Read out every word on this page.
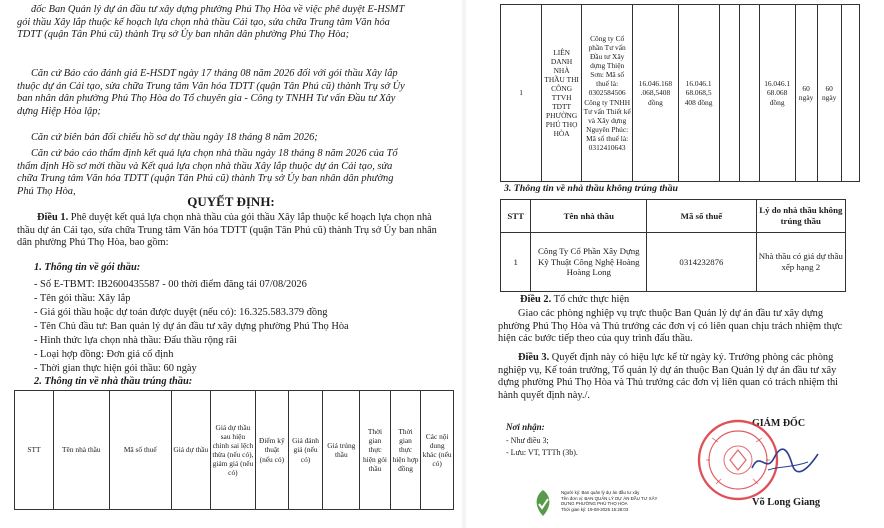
đốc Ban Quản lý dự án đầu tư xây dựng phường Phú Thọ Hòa về việc phê duyệt E-HSMT gói thầu Xây lắp thuộc kế hoạch lựa chọn nhà thầu Cải tạo, sửa chữa Trung tâm Văn hóa TDTT (quận Tân Phú cũ) thành Trụ sở Ủy ban nhân dân phường Phú Thọ Hòa;

Căn cứ Báo cáo đánh giá E-HSDT ngày 17 tháng 08 năm 2026 đối với gói thầu Xây lắp thuộc dự án Cải tạo, sửa chữa Trung tâm Văn hóa TDTT (quận Tân Phú cũ) thành Trụ sở Ủy ban nhân dân phường Phú Thọ Hòa do Tổ chuyên gia - Công ty TNHH Tư vấn Đầu tư Xây dựng Hiệp Hòa lập;

Căn cứ biên bản đối chiếu hồ sơ dự thầu ngày 18 tháng 8 năm 2026;

Căn cứ báo cáo thẩm định kết quả lựa chọn nhà thầu ngày 18 tháng 8 năm 2026 của Tổ thẩm định Hồ sơ mời thầu và Kết quả lựa chọn nhà thầu Xây lắp thuộc dự án Cải tạo, sửa chữa Trung tâm Văn hóa TDTT (quận Tân Phú cũ) thành Trụ sở Ủy ban nhân dân phường Phú Thọ Hòa,

QUYẾT ĐỊNH:

Điều 1. Phê duyệt kết quả lựa chọn nhà thầu của gói thầu Xây lắp thuộc kế hoạch lựa chọn nhà thầu dự án Cải tạo, sửa chữa Trung tâm Văn hóa TDTT (quận Tân Phú cũ) thành Trụ sở Ủy ban nhân dân phường Phú Thọ Hòa, bao gồm:

1. Thông tin về gói thầu:
- Số E-TBMT: IB2600435587 - 00 thời điểm đăng tải 07/08/2026
- Tên gói thầu: Xây lắp
- Giá gói thầu hoặc dự toán được duyệt (nếu có): 16.325.583.379 đồng
- Tên Chủ đầu tư: Ban quản lý dự án đầu tư xây dựng phường Phú Thọ Hòa
- Hình thức lựa chọn nhà thầu: Đấu thầu rộng rãi
- Loại hợp đồng: Đơn giá cố định
- Thời gian thực hiện gói thầu: 60 ngày
2. Thông tin về nhà thầu trúng thầu:
STT	Tên nhà thầu	Mã số thuế	Giá dự thầu	Giá dự thầu sau hiệu chỉnh sai lệch thừa (nếu có), giảm giá (nếu có)	Điểm kỹ thuật (nếu có)	Giá đánh giá (nếu có)	Giá trúng thầu	Thời gian thực hiện gói thầu	Thời gian thực hiện hợp đồng	Các nội dung khác (nếu có)
1	LIÊN DANH NHÀ THẦU THI CÔNG TTVH TDTT PHƯỜNG PHÚ THỌ HÒA	Công ty Cổ phần Tư vấn Đầu tư Xây dựng Thiện Sơn: Mã số thuế là: 0302584506 Công ty TNHH Tư vấn Thiết kế và Xây dựng Nguyên Phúc: Mã số thuế là: 0312410643	16.046.168 .068,5408 đồng	16.046.1 68.068,5 408 đồng			16.046.1 68.068 đồng	60 ngày	60 ngày	
3. Thông tin về nhà thầu không trúng thầu
STT	Tên nhà thầu	Mã số thuế	Lý do nhà thầu không trúng thầu
1	Công Ty Cổ Phần Xây Dựng Kỹ Thuật Công Nghệ Hoàng Hoàng Long	0314232876	Nhà thầu có giá dự thầu xếp hạng 2
Điều 2. Tổ chức thực hiện

Giao các phòng nghiệp vụ trực thuộc Ban Quản lý dự án đầu tư xây dựng phường Phú Thọ Hòa và Thủ trưởng các đơn vị có liên quan chịu trách nhiệm thực hiện các bước tiếp theo của quy trình đấu thầu.

Điều 3. Quyết định này có hiệu lực kể từ ngày ký. Trưởng phòng các phòng nghiệp vụ, Kế toán trưởng, Tổ quản lý dự án thuộc Ban Quản lý dự án đầu tư xây dựng phường Phú Thọ Hòa và Thủ trưởng các đơn vị liên quan có trách nhiệm thi hành quyết định này./.

Nơi nhận:
- Như điều 3;
- Lưu: VT, TTTh (3b).
GIÁM ĐỐC
Võ Long Giang
Người ký: Ban quản lý dự án đầu tư xây
Tên đơn vị: BAN QUẢN LÝ DỰ ÁN ĐẦU TƯ XÂY
DỰNG PHƯỜNG PHÚ THỌ HÒA
Thời gian ký: 19-08-2026 15:28:03
